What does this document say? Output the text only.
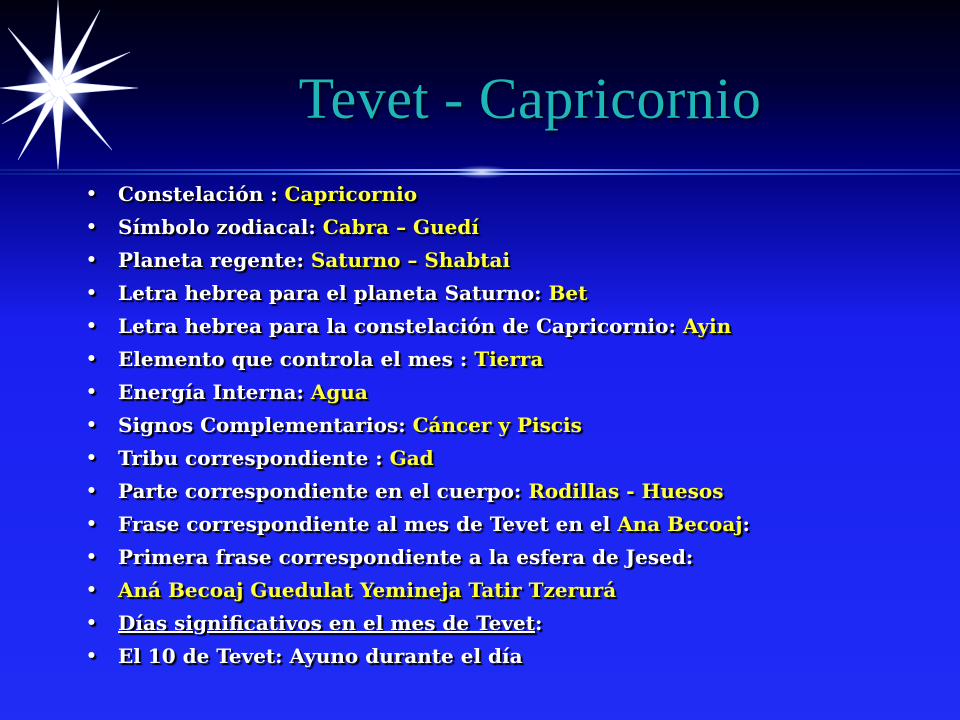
Tevet - Capricornio
• Constelación : Capricornio
• Símbolo zodiacal: Cabra – Guedí
• Planeta regente: Saturno – Shabtai
• Letra hebrea para el planeta Saturno: Bet
• Letra hebrea para la constelación de Capricornio: Ayin
• Elemento que controla el mes : Tierra
• Energía Interna: Agua
• Signos Complementarios: Cáncer y Piscis
• Tribu correspondiente : Gad
• Parte correspondiente en el cuerpo: Rodillas - Huesos
• Frase correspondiente al mes de Tevet en el Ana Becoaj:
• Primera frase correspondiente a la esfera de Jesed:
• Aná Becoaj Guedulat Yemineja Tatir Tzerurá
• Días significativos en el mes de Tevet:
• El 10 de Tevet: Ayuno durante el día
